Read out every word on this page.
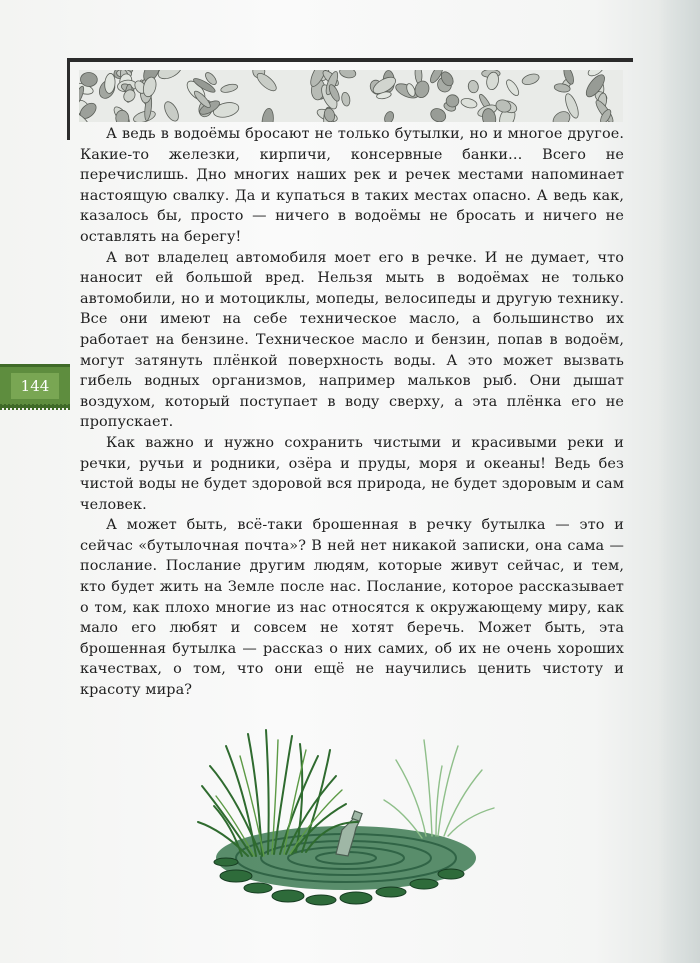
144

А ведь в водоёмы бросают не только бутылки, но и многое другое. Какие-то железки, кирпичи, консервные банки… Всего не перечислишь. Дно многих наших рек и речек местами напоминает настоящую свалку. Да и купаться в таких местах опасно. А ведь как, казалось бы, просто — ничего в водоёмы не бросать и ничего не оставлять на берегу!

А вот владелец автомобиля моет его в речке. И не думает, что наносит ей большой вред. Нельзя мыть в водоёмах не только автомобили, но и мотоциклы, мопеды, велосипеды и другую технику. Все они имеют на себе техническое масло, а большинство их работает на бензине. Техническое масло и бензин, попав в водоём, могут затянуть плёнкой поверхность воды. А это может вызвать гибель водных организмов, например мальков рыб. Они дышат воздухом, который поступает в воду сверху, а эта плёнка его не пропускает.

Как важно и нужно сохранить чистыми и красивыми реки и речки, ручьи и родники, озёра и пруды, моря и океаны! Ведь без чистой воды не будет здоровой вся природа, не будет здоровым и сам человек.

А может быть, всё-таки брошенная в речку бутылка — это и сейчас «бутылочная почта»? В ней нет никакой записки, она сама — послание. Послание другим людям, которые живут сейчас, и тем, кто будет жить на Земле после нас. Послание, которое рассказывает о том, как плохо многие из нас относятся к окружающему миру, как мало его любят и совсем не хотят беречь. Может быть, эта брошенная бутылка — рассказ о них самих, об их не очень хороших качествах, о том, что они ещё не научились ценить чистоту и красоту мира?
